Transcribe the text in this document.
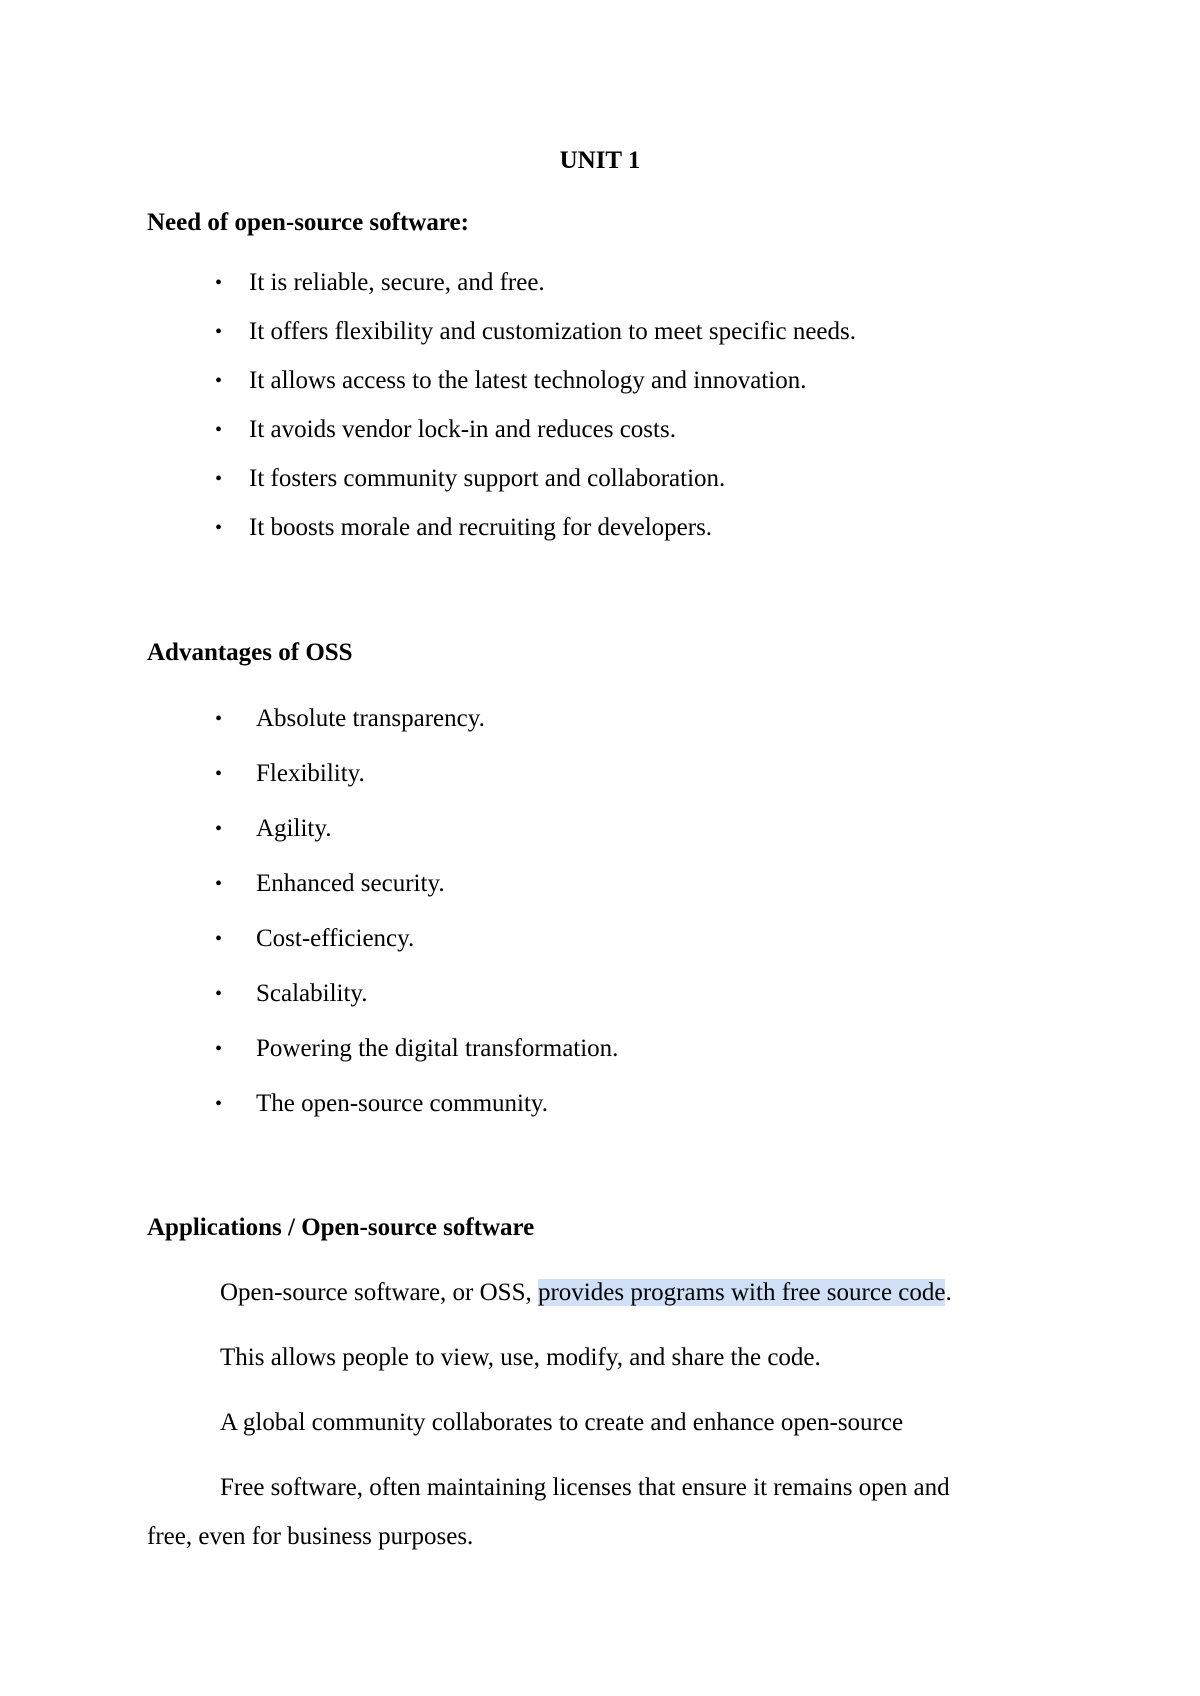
UNIT 1
Need of open-source software:
• It is reliable, secure, and free.
• It offers flexibility and customization to meet specific needs.
• It allows access to the latest technology and innovation.
• It avoids vendor lock-in and reduces costs.
• It fosters community support and collaboration.
• It boosts morale and recruiting for developers.
Advantages of OSS
• Absolute transparency.
• Flexibility.
• Agility.
• Enhanced security.
• Cost-efficiency.
• Scalability.
• Powering the digital transformation.
• The open-source community.
Applications / Open-source software
Open-source software, or OSS, provides programs with free source code.
This allows people to view, use, modify, and share the code.
A global community collaborates to create and enhance open-source
Free software, often maintaining licenses that ensure it remains open and
free, even for business purposes.
